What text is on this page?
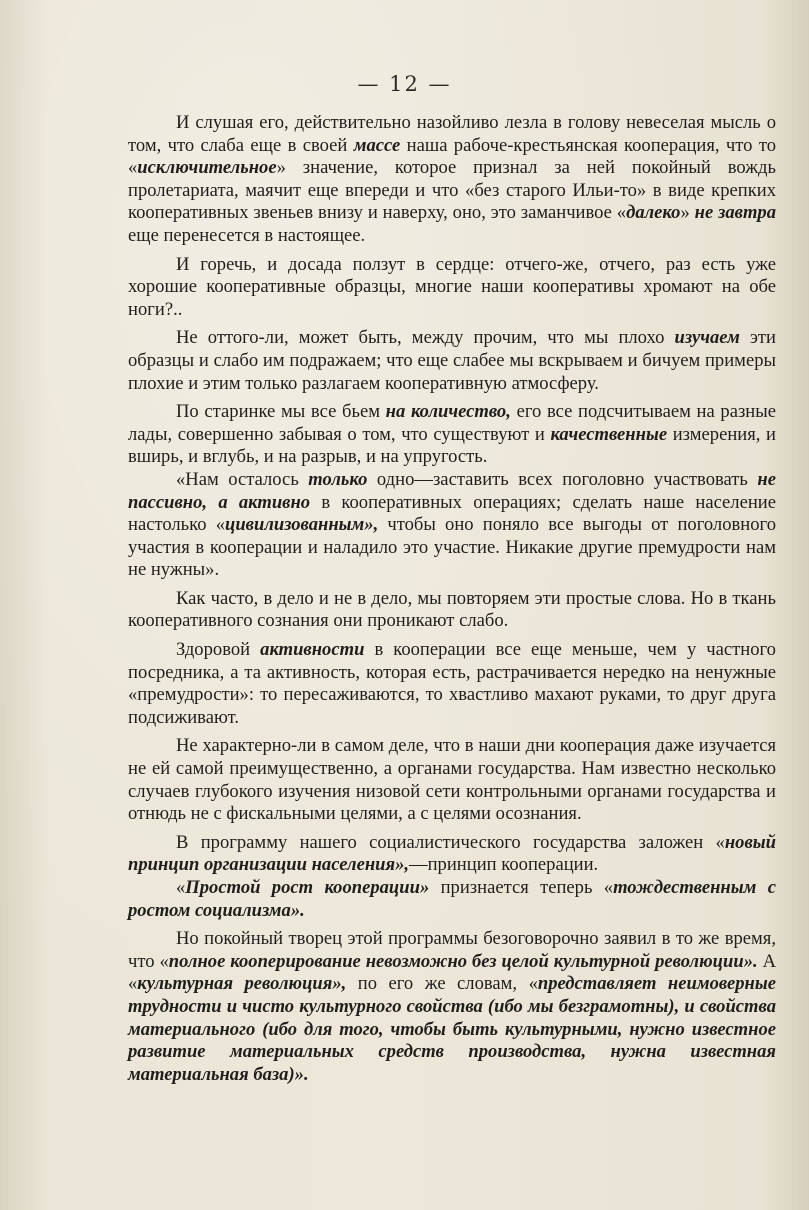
— 12 —

И слушая его, действительно назойливо лезла в голову невеселая мысль о том, что слаба еще в своей массе наша рабоче-крестьянская кооперация, что то «исключительное» значение, которое признал за ней покойный вождь пролетариата, маячит еще впереди и что «без старого Ильи-то» в виде крепких кооперативных звеньев внизу и наверху, оно, это заманчивое «далеко» не завтра еще перенесется в настоящее.

И горечь, и досада ползут в сердце: отчего-же, отчего, раз есть уже хорошие кооперативные образцы, многие наши кооперативы хромают на обе ноги?..

Не оттого-ли, может быть, между прочим, что мы плохо изучаем эти образцы и слабо им подражаем; что еще слабее мы вскрываем и бичуем примеры плохие и этим только разлагаем кооперативную атмосферу.

По старинке мы все бьем на количество, его все подсчитываем на разные лады, совершенно забывая о том, что существуют и качественные измерения, и вширь, и вглубь, и на разрыв, и на упругость.

«Нам осталось только одно—заставить всех поголовно участвовать не пассивно, а активно в кооперативных операциях; сделать наше население настолько «цивилизованным», чтобы оно поняло все выгоды от поголовного участия в кооперации и наладило это участие. Никакие другие премудрости нам не нужны».

Как часто, в дело и не в дело, мы повторяем эти простые слова. Но в ткань кооперативного сознания они проникают слабо.

Здоровой активности в кооперации все еще меньше, чем у частного посредника, а та активность, которая есть, растрачивается нередко на ненужные «премудрости»: то пересаживаются, то хвастливо махают руками, то друг друга подсиживают.

Не характерно-ли в самом деле, что в наши дни кооперация даже изучается не ей самой преимущественно, а органами государства. Нам известно несколько случаев глубокого изучения низовой сети контрольными органами государства и отнюдь не с фискальными целями, а с целями осознания.

В программу нашего социалистического государства заложен «новый принцип организации населения»,—принцип кооперации.

«Простой рост кооперации» признается теперь «тождественным с ростом социализма».

Но покойный творец этой программы безоговорочно заявил в то же время, что «полное кооперирование невозможно без целой культурной революции». А «культурная революция», по его же словам, «представляет неимоверные трудности и чисто культурного свойства (ибо мы безграмотны), и свойства материального (ибо для того, чтобы быть культурными, нужно известное развитие материальных средств производства, нужна известная материальная база)».
